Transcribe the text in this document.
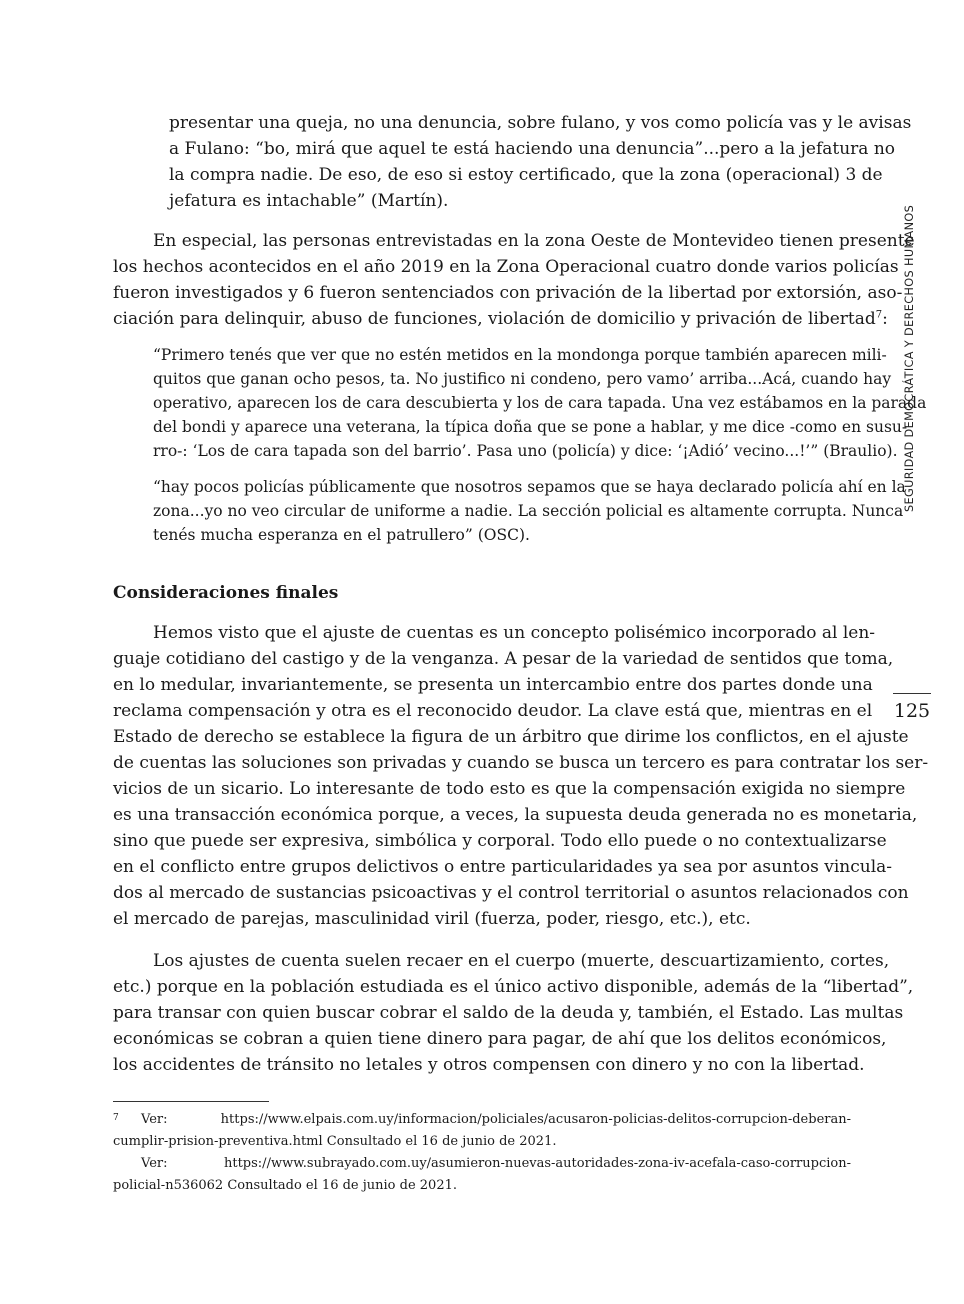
presentar una queja, no una denuncia, sobre fulano, y vos como policía vas y le avisas
a Fulano: “bo, mirá que aquel te está haciendo una denuncia”...pero a la jefatura no
la compra nadie. De eso, de eso si estoy certificado, que la zona (operacional) 3 de
jefatura es intachable” (Martín).
En especial, las personas entrevistadas en la zona Oeste de Montevideo tienen presente
los hechos acontecidos en el año 2019 en la Zona Operacional cuatro donde varios policías
fueron investigados y 6 fueron sentenciados con privación de la libertad por extorsión, aso-
ciación para delinquir, abuso de funciones, violación de domicilio y privación de libertad$^7$:
“Primero tenés que ver que no estén metidos en la mondonga porque también aparecen mili-
quitos que ganan ocho pesos, ta. No justifico ni condeno, pero vamo’ arriba...Acá, cuando hay
operativo, aparecen los de cara descubierta y los de cara tapada. Una vez estábamos en la parada
del bondi y aparece una veterana, la típica doña que se pone a hablar, y me dice -como en susu-
rro-: ‘Los de cara tapada son del barrio’. Pasa uno (policía) y dice: ‘¡Adió’ vecino...!’” (Braulio).
“hay pocos policías públicamente que nosotros sepamos que se haya declarado policía ahí en la
zona...yo no veo circular de uniforme a nadie. La sección policial es altamente corrupta. Nunca
tenés mucha esperanza en el patrullero” (OSC).
Consideraciones finales
Hemos visto que el ajuste de cuentas es un concepto polisémico incorporado al len-
guaje cotidiano del castigo y de la venganza. A pesar de la variedad de sentidos que toma,
en lo medular, invariantemente, se presenta un intercambio entre dos partes donde una
reclama compensación y otra es el reconocido deudor. La clave está que, mientras en el
Estado de derecho se establece la figura de un árbitro que dirime los conflictos, en el ajuste
de cuentas las soluciones son privadas y cuando se busca un tercero es para contratar los ser-
vicios de un sicario. Lo interesante de todo esto es que la compensación exigida no siempre
es una transacción económica porque, a veces, la supuesta deuda generada no es monetaria,
sino que puede ser expresiva, simbólica y corporal. Todo ello puede o no contextualizarse
en el conflicto entre grupos delictivos o entre particularidades ya sea por asuntos vincula-
dos al mercado de sustancias psicoactivas y el control territorial o asuntos relacionados con
el mercado de parejas, masculinidad viril (fuerza, poder, riesgo, etc.), etc.
Los ajustes de cuenta suelen recaer en el cuerpo (muerte, descuartizamiento, cortes,
etc.) porque en la población estudiada es el único activo disponible, además de la “libertad”,
para transar con quien buscar cobrar el saldo de la deuda y, también, el Estado. Las multas
económicas se cobran a quien tiene dinero para pagar, de ahí que los delitos económicos,
los accidentes de tránsito no letales y otros compensen con dinero y no con la libertad.
7 Ver: https://www.elpais.com.uy/informacion/policiales/acusaron-policias-delitos-corrupcion-deberan-
cumplir-prision-preventiva.html Consultado el 16 de junio de 2021.
Ver: https://www.subrayado.com.uy/asumieron-nuevas-autoridades-zona-iv-acefala-caso-corrupcion-
policial-n536062 Consultado el 16 de junio de 2021.
SEGURIDAD DEMOCRÁTICA Y DERECHOS HUMANOS
125
